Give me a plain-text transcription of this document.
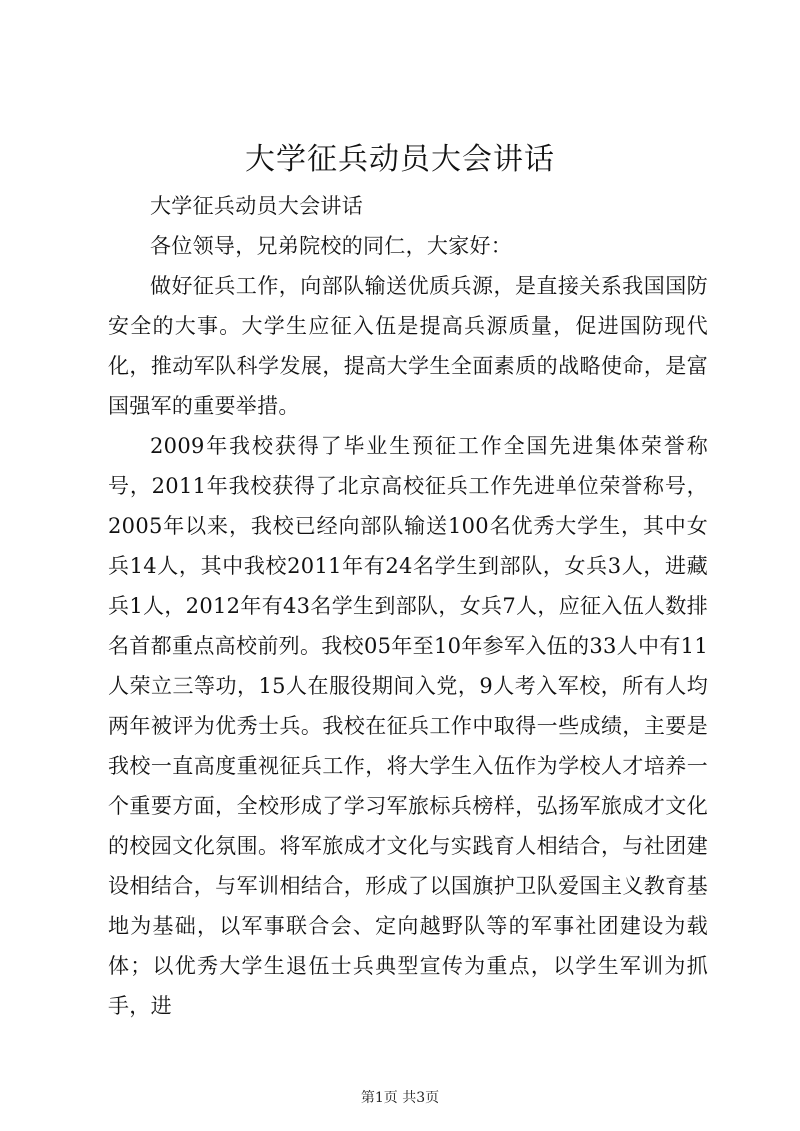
大学征兵动员大会讲话

大学征兵动员大会讲话

各位领导，兄弟院校的同仁，大家好：

做好征兵工作，向部队输送优质兵源，是直接关系我国国防安全的大事。大学生应征入伍是提高兵源质量，促进国防现代化，推动军队科学发展，提高大学生全面素质的战略使命，是富国强军的重要举措。

2009年我校获得了毕业生预征工作全国先进集体荣誉称号，2011年我校获得了北京高校征兵工作先进单位荣誉称号，2005年以来，我校已经向部队输送100名优秀大学生，其中女兵14人，其中我校2011年有24名学生到部队，女兵3人，进藏兵1人，2012年有43名学生到部队，女兵7人，应征入伍人数排名首都重点高校前列。我校05年至10年参军入伍的33人中有11人荣立三等功，15人在服役期间入党，9人考入军校，所有人均两年被评为优秀士兵。我校在征兵工作中取得一些成绩，主要是我校一直高度重视征兵工作，将大学生入伍作为学校人才培养一个重要方面，全校形成了学习军旅标兵榜样，弘扬军旅成才文化的校园文化氛围。将军旅成才文化与实践育人相结合，与社团建设相结合，与军训相结合，形成了以国旗护卫队爱国主义教育基地为基础，以军事联合会、定向越野队等的军事社团建设为载体；以优秀大学生退伍士兵典型宣传为重点，以学生军训为抓手，进

第1页 共3页
